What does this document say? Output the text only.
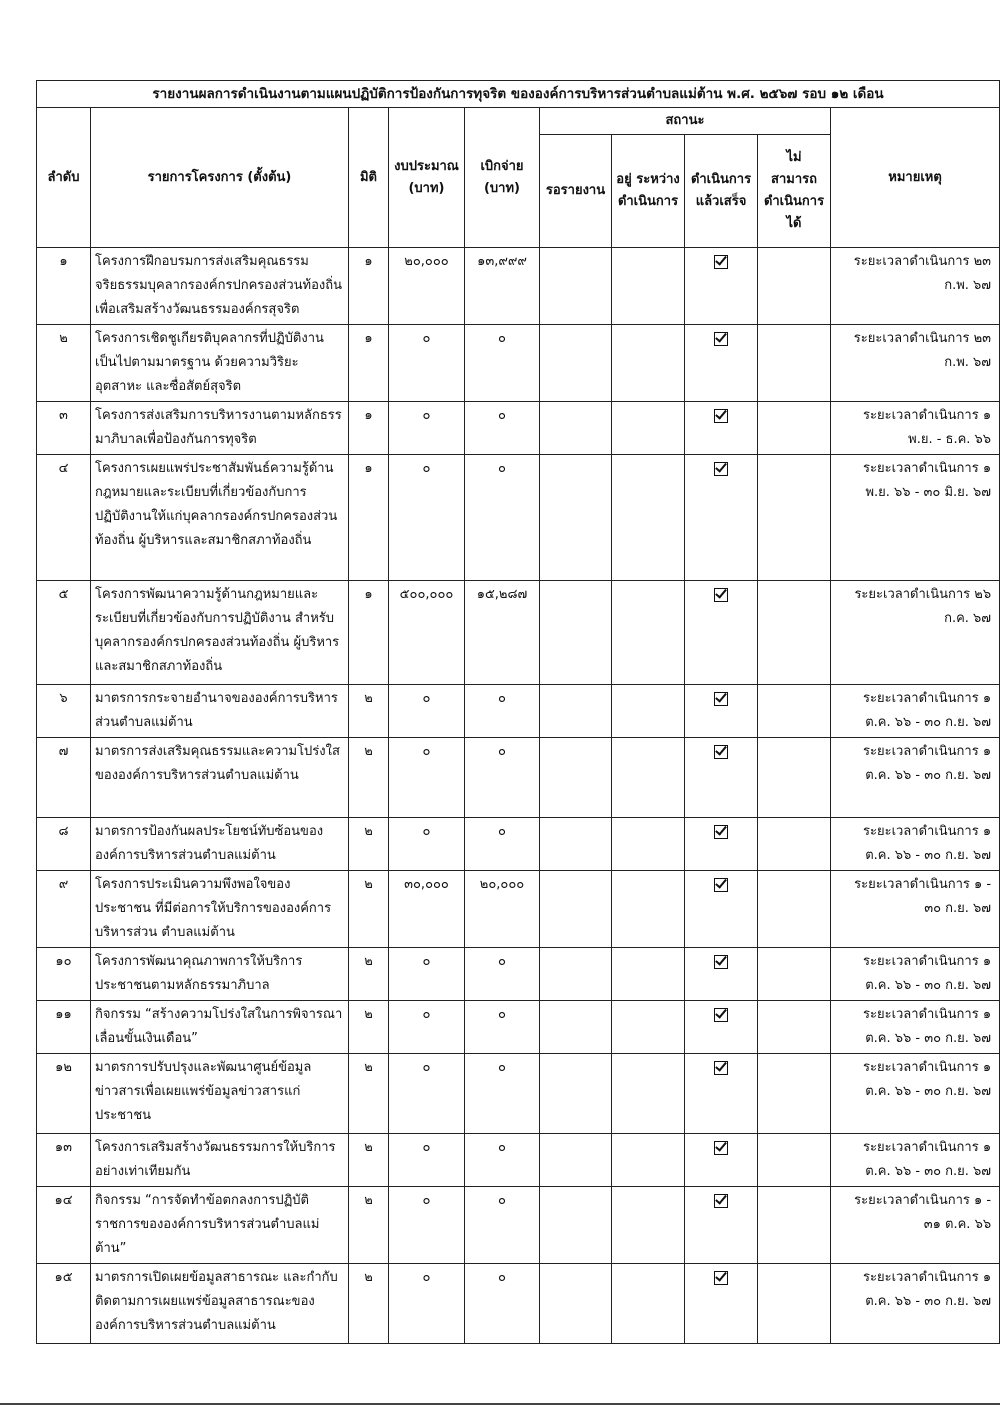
รายงานผลการดำเนินงานตามแผนปฏิบัติการป้องกันการทุจริต ขององค์การบริหารส่วนตำบลแม่ต้าน พ.ศ. ๒๕๖๗ รอบ ๑๒ เดือน									
ลำดับ	รายการโครงการ (ตั้งต้น)	มิติ	งบประมาณ (บาท)	เบิกจ่าย (บาท)	สถานะ				หมายเหตุ
					รอรายงาน	อยู่ ระหว่าง ดำเนินการ	ดำเนินการ แล้วเสร็จ	ไม่ สามารถ ดำเนินการ ได้	
๑	โครงการฝึกอบรมการส่งเสริมคุณธรรม จริยธรรมบุคลากรองค์กรปกครองส่วนท้องถิ่น เพื่อเสริมสร้างวัฒนธรรมองค์กรสุจริต	๑	๒๐,๐๐๐	๑๓,๙๙๙					ระยะเวลาดำเนินการ ๒๓ ก.พ. ๖๗
๒	โครงการเชิดชูเกียรติบุคลากรที่ปฏิบัติงาน เป็นไปตามมาตรฐาน ด้วยความวิริยะอุตสาหะ และซื่อสัตย์สุจริต	๑	๐	๐					ระยะเวลาดำเนินการ ๒๓ ก.พ. ๖๗
๓	โครงการส่งเสริมการบริหารงานตามหลักธรร มาภิบาลเพื่อป้องกันการทุจริต	๑	๐	๐					ระยะเวลาดำเนินการ ๑ พ.ย. - ธ.ค. ๖๖
๔	โครงการเผยแพร่ประชาสัมพันธ์ความรู้ด้าน กฎหมายและระเบียบที่เกี่ยวข้องกับการ ปฏิบัติงานให้แก่บุคลากรองค์กรปกครองส่วน ท้องถิ่น ผู้บริหารและสมาชิกสภาท้องถิ่น	๑	๐	๐					ระยะเวลาดำเนินการ ๑ พ.ย. ๖๖ - ๓๐ มิ.ย. ๖๗
๕	โครงการพัฒนาความรู้ด้านกฎหมายและ ระเบียบที่เกี่ยวข้องกับการปฏิบัติงาน สำหรับ บุคลากรองค์กรปกครองส่วนท้องถิ่น ผู้บริหาร และสมาชิกสภาท้องถิ่น	๑	๕๐๐,๐๐๐	๑๕,๒๘๗					ระยะเวลาดำเนินการ ๒๖ ก.ค. ๖๗
๖	มาตรการกระจายอำนาจขององค์การบริหาร ส่วนตำบลแม่ต้าน	๒	๐	๐					ระยะเวลาดำเนินการ ๑ ต.ค. ๖๖ - ๓๐ ก.ย. ๖๗
๗	มาตรการส่งเสริมคุณธรรมและความโปร่งใส ขององค์การบริหารส่วนตำบลแม่ต้าน	๒	๐	๐					ระยะเวลาดำเนินการ ๑ ต.ค. ๖๖ - ๓๐ ก.ย. ๖๗
๘	มาตรการป้องกันผลประโยชน์ทับซ้อนของ องค์การบริหารส่วนตำบลแม่ต้าน	๒	๐	๐					ระยะเวลาดำเนินการ ๑ ต.ค. ๖๖ - ๓๐ ก.ย. ๖๗
๙	โครงการประเมินความพึงพอใจของประชาชน ที่มีต่อการให้บริการขององค์การบริหารส่วน ตำบลแม่ต้าน	๒	๓๐,๐๐๐	๒๐,๐๐๐					ระยะเวลาดำเนินการ ๑ - ๓๐ ก.ย. ๖๗
๑๐	โครงการพัฒนาคุณภาพการให้บริการ ประชาชนตามหลักธรรมาภิบาล	๒	๐	๐					ระยะเวลาดำเนินการ ๑ ต.ค. ๖๖ - ๓๐ ก.ย. ๖๗
๑๑	กิจกรรม “สร้างความโปร่งใสในการพิจารณา เลื่อนขั้นเงินเดือน”	๒	๐	๐					ระยะเวลาดำเนินการ ๑ ต.ค. ๖๖ - ๓๐ ก.ย. ๖๗
๑๒	มาตรการปรับปรุงและพัฒนาศูนย์ข้อมูล ข่าวสารเพื่อเผยแพร่ข้อมูลข่าวสารแก่ประชาชน	๒	๐	๐					ระยะเวลาดำเนินการ ๑ ต.ค. ๖๖ - ๓๐ ก.ย. ๖๗
๑๓	โครงการเสริมสร้างวัฒนธรรมการให้บริการ อย่างเท่าเทียมกัน	๒	๐	๐					ระยะเวลาดำเนินการ ๑ ต.ค. ๖๖ - ๓๐ ก.ย. ๖๗
๑๔	กิจกรรม “การจัดทำข้อตกลงการปฏิบัติ ราชการขององค์การบริหารส่วนตำบลแม่ต้าน”	๒	๐	๐					ระยะเวลาดำเนินการ ๑ - ๓๑ ต.ค. ๖๖
๑๕	มาตรการเปิดเผยข้อมูลสาธารณะ และกำกับ ติดตามการเผยแพร่ข้อมูลสาธารณะของ องค์การบริหารส่วนตำบลแม่ต้าน	๒	๐	๐					ระยะเวลาดำเนินการ ๑ ต.ค. ๖๖ - ๓๐ ก.ย. ๖๗
